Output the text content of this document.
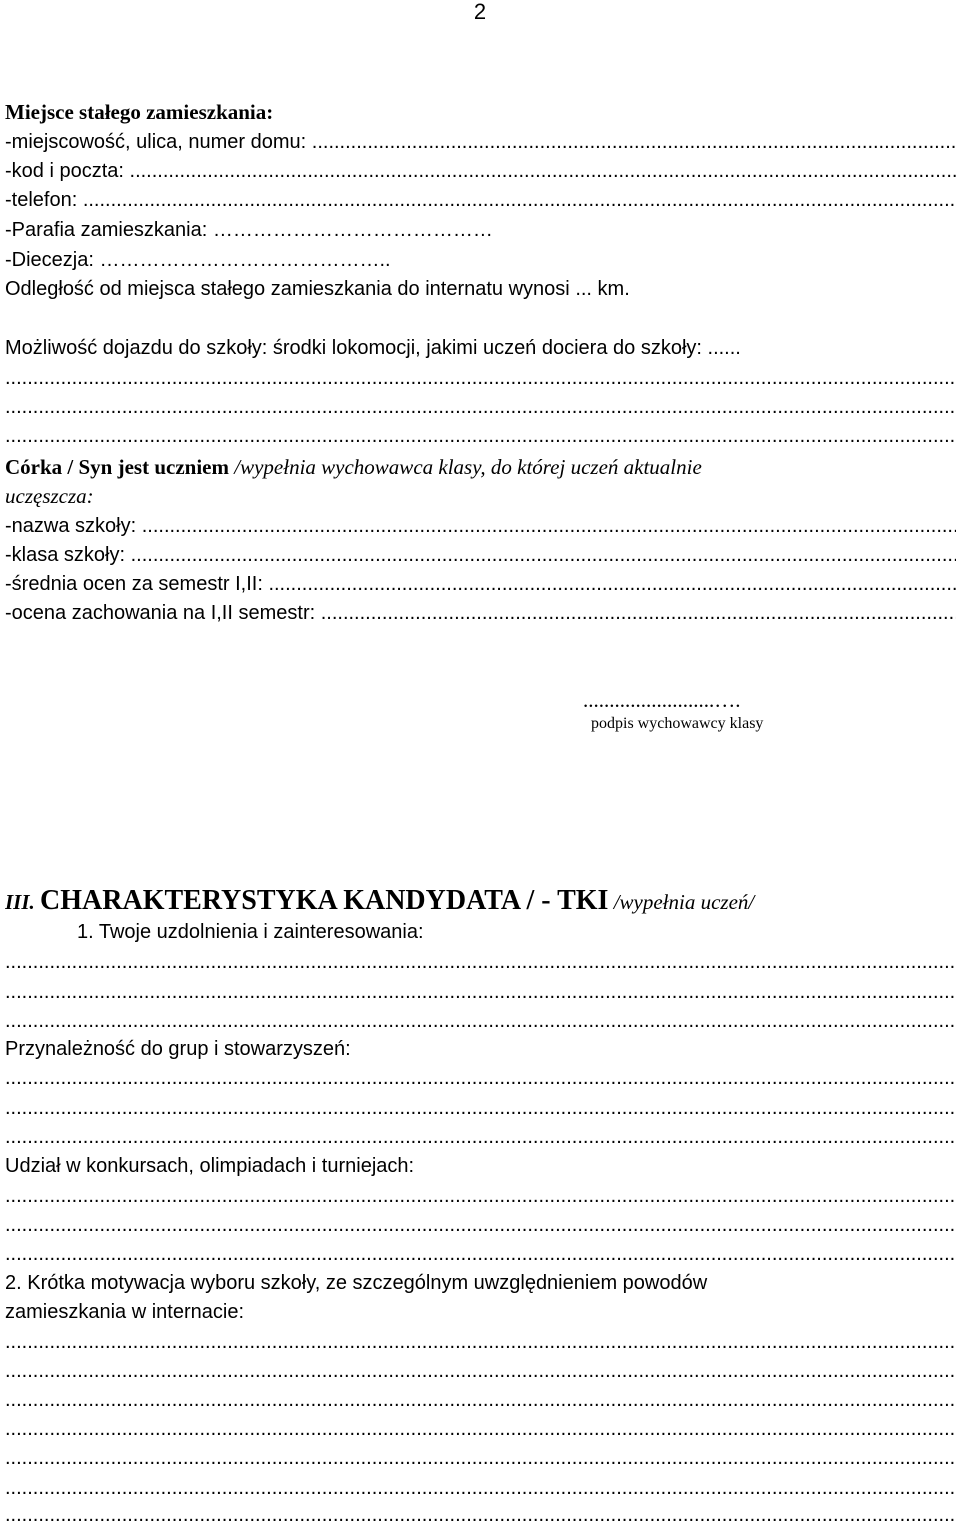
2
Miejsce stałego zamieszkania:
-miejscowość, ulica, numer domu: .....
-kod i poczta: .....
-telefon: .....
-Parafia zamieszkania: ……………………………………
-Diecezja: ……………………………………	..
Odległość od miejsca stałego zamieszkania do internatu wynosi ... km.
Możliwość dojazdu do szkoły: środki lokomocji, jakimi uczeń dociera do szkoły: ......
.....
.....
.....
Córka / Syn jest uczniem /wypełnia wychowawca klasy, do której uczeń aktualnie
uczęszcza:
-nazwa szkoły: .....
-klasa szkoły: .....
-średnia ocen za semestr I,II: .....
-ocena zachowania na I,II semestr: .....
.........................….
podpis wychowawcy klasy
III. CHARAKTERYSTYKA KANDYDATA / - TKI /wypełnia uczeń/
1. Twoje uzdolnienia i zainteresowania:
.....
.....
.....
Przynależność do grup i stowarzyszeń:
.....
.....
.....
Udział w konkursach, olimpiadach i turniejach:
.....
.....
.....
2. Krótka motywacja wyboru szkoły, ze szczególnym uwzględnieniem powodów
zamieszkania w internacie:
.....
.....
.....
.....
.....
.....
.....
